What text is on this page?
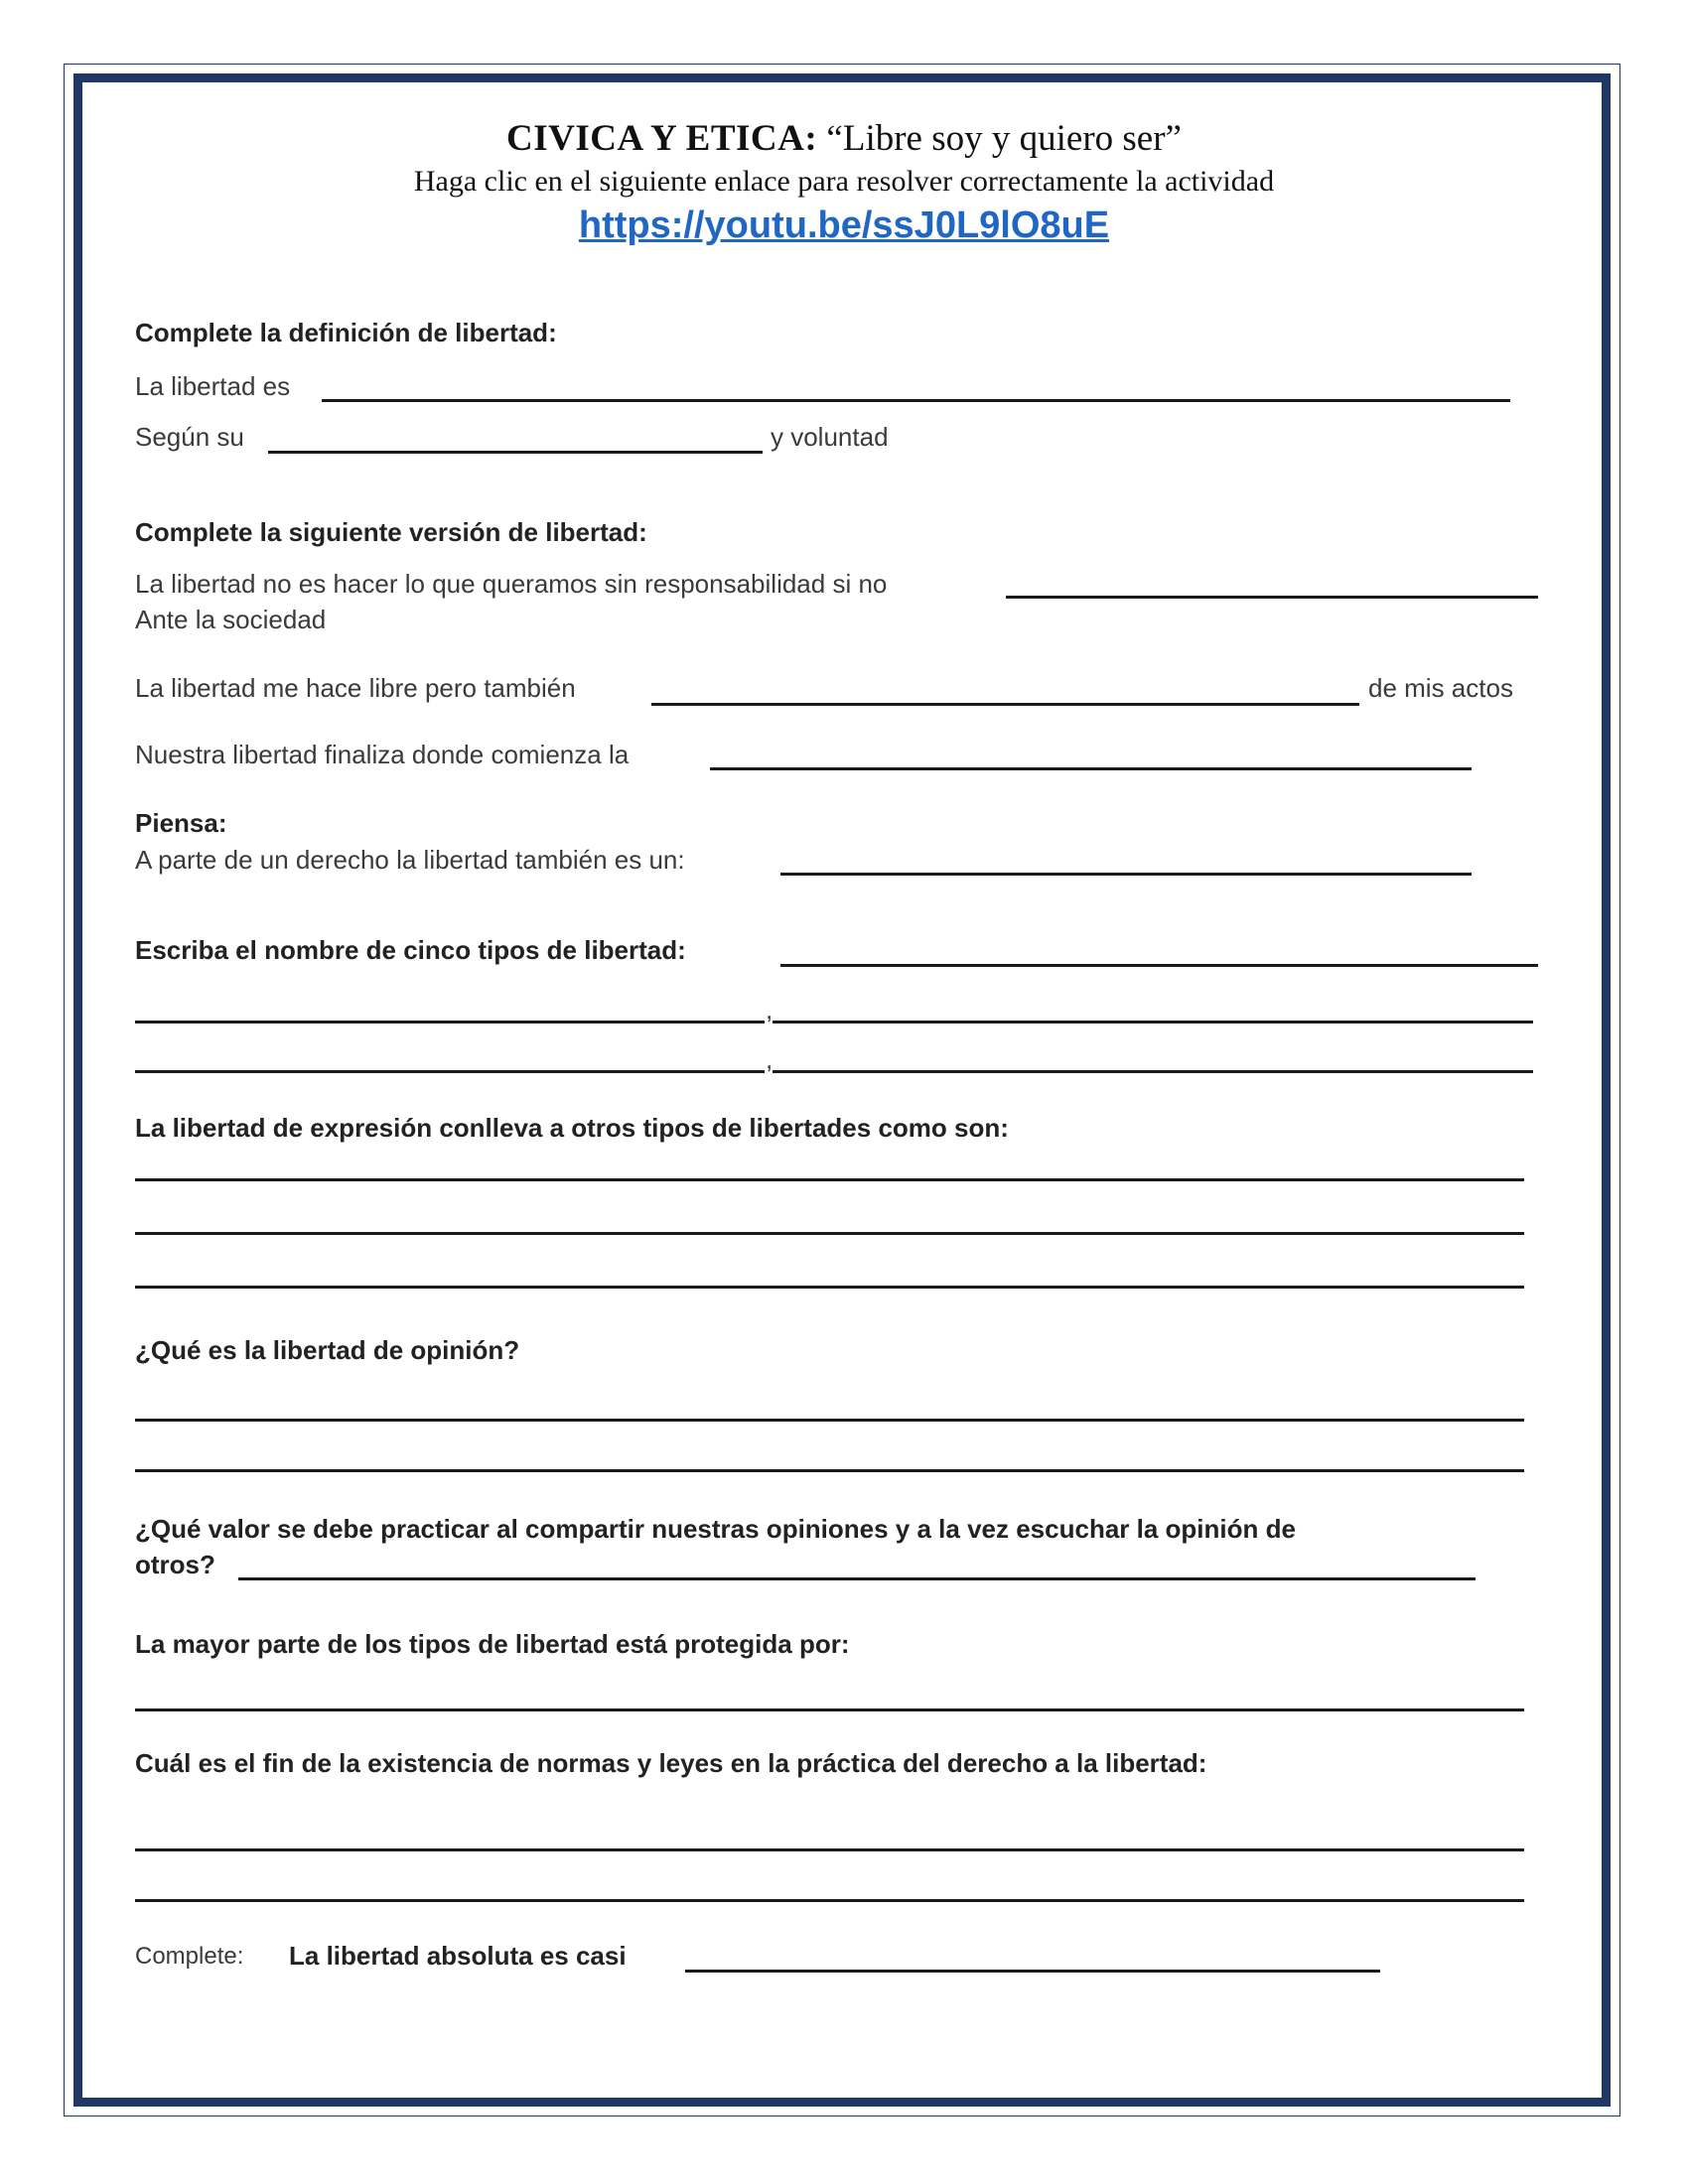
CIVICA Y ETICA: “Libre soy y quiero ser”
Haga clic en el siguiente enlace para resolver correctamente la actividad
https://youtu.be/ssJ0L9lO8uE
Complete la definición de libertad:
La libertad es
Según su	y voluntad
Complete la siguiente versión de libertad:
La libertad no es hacer lo que queramos sin responsabilidad si no
Ante la sociedad
La libertad me hace libre pero también	de mis actos
Nuestra libertad finaliza donde comienza la
Piensa:
A parte de un derecho la libertad también es un:
Escriba el nombre de cinco tipos de libertad:
,
,
La libertad de expresión conlleva a otros tipos de libertades como son:
¿Qué es la libertad de opinión?
¿Qué valor se debe practicar al compartir nuestras opiniones y a la vez escuchar la opinión de
otros?
La mayor parte de los tipos de libertad está protegida por:
Cuál es el fin de la existencia de normas y leyes en la práctica del derecho a la libertad:
Complete: La libertad absoluta es casi
